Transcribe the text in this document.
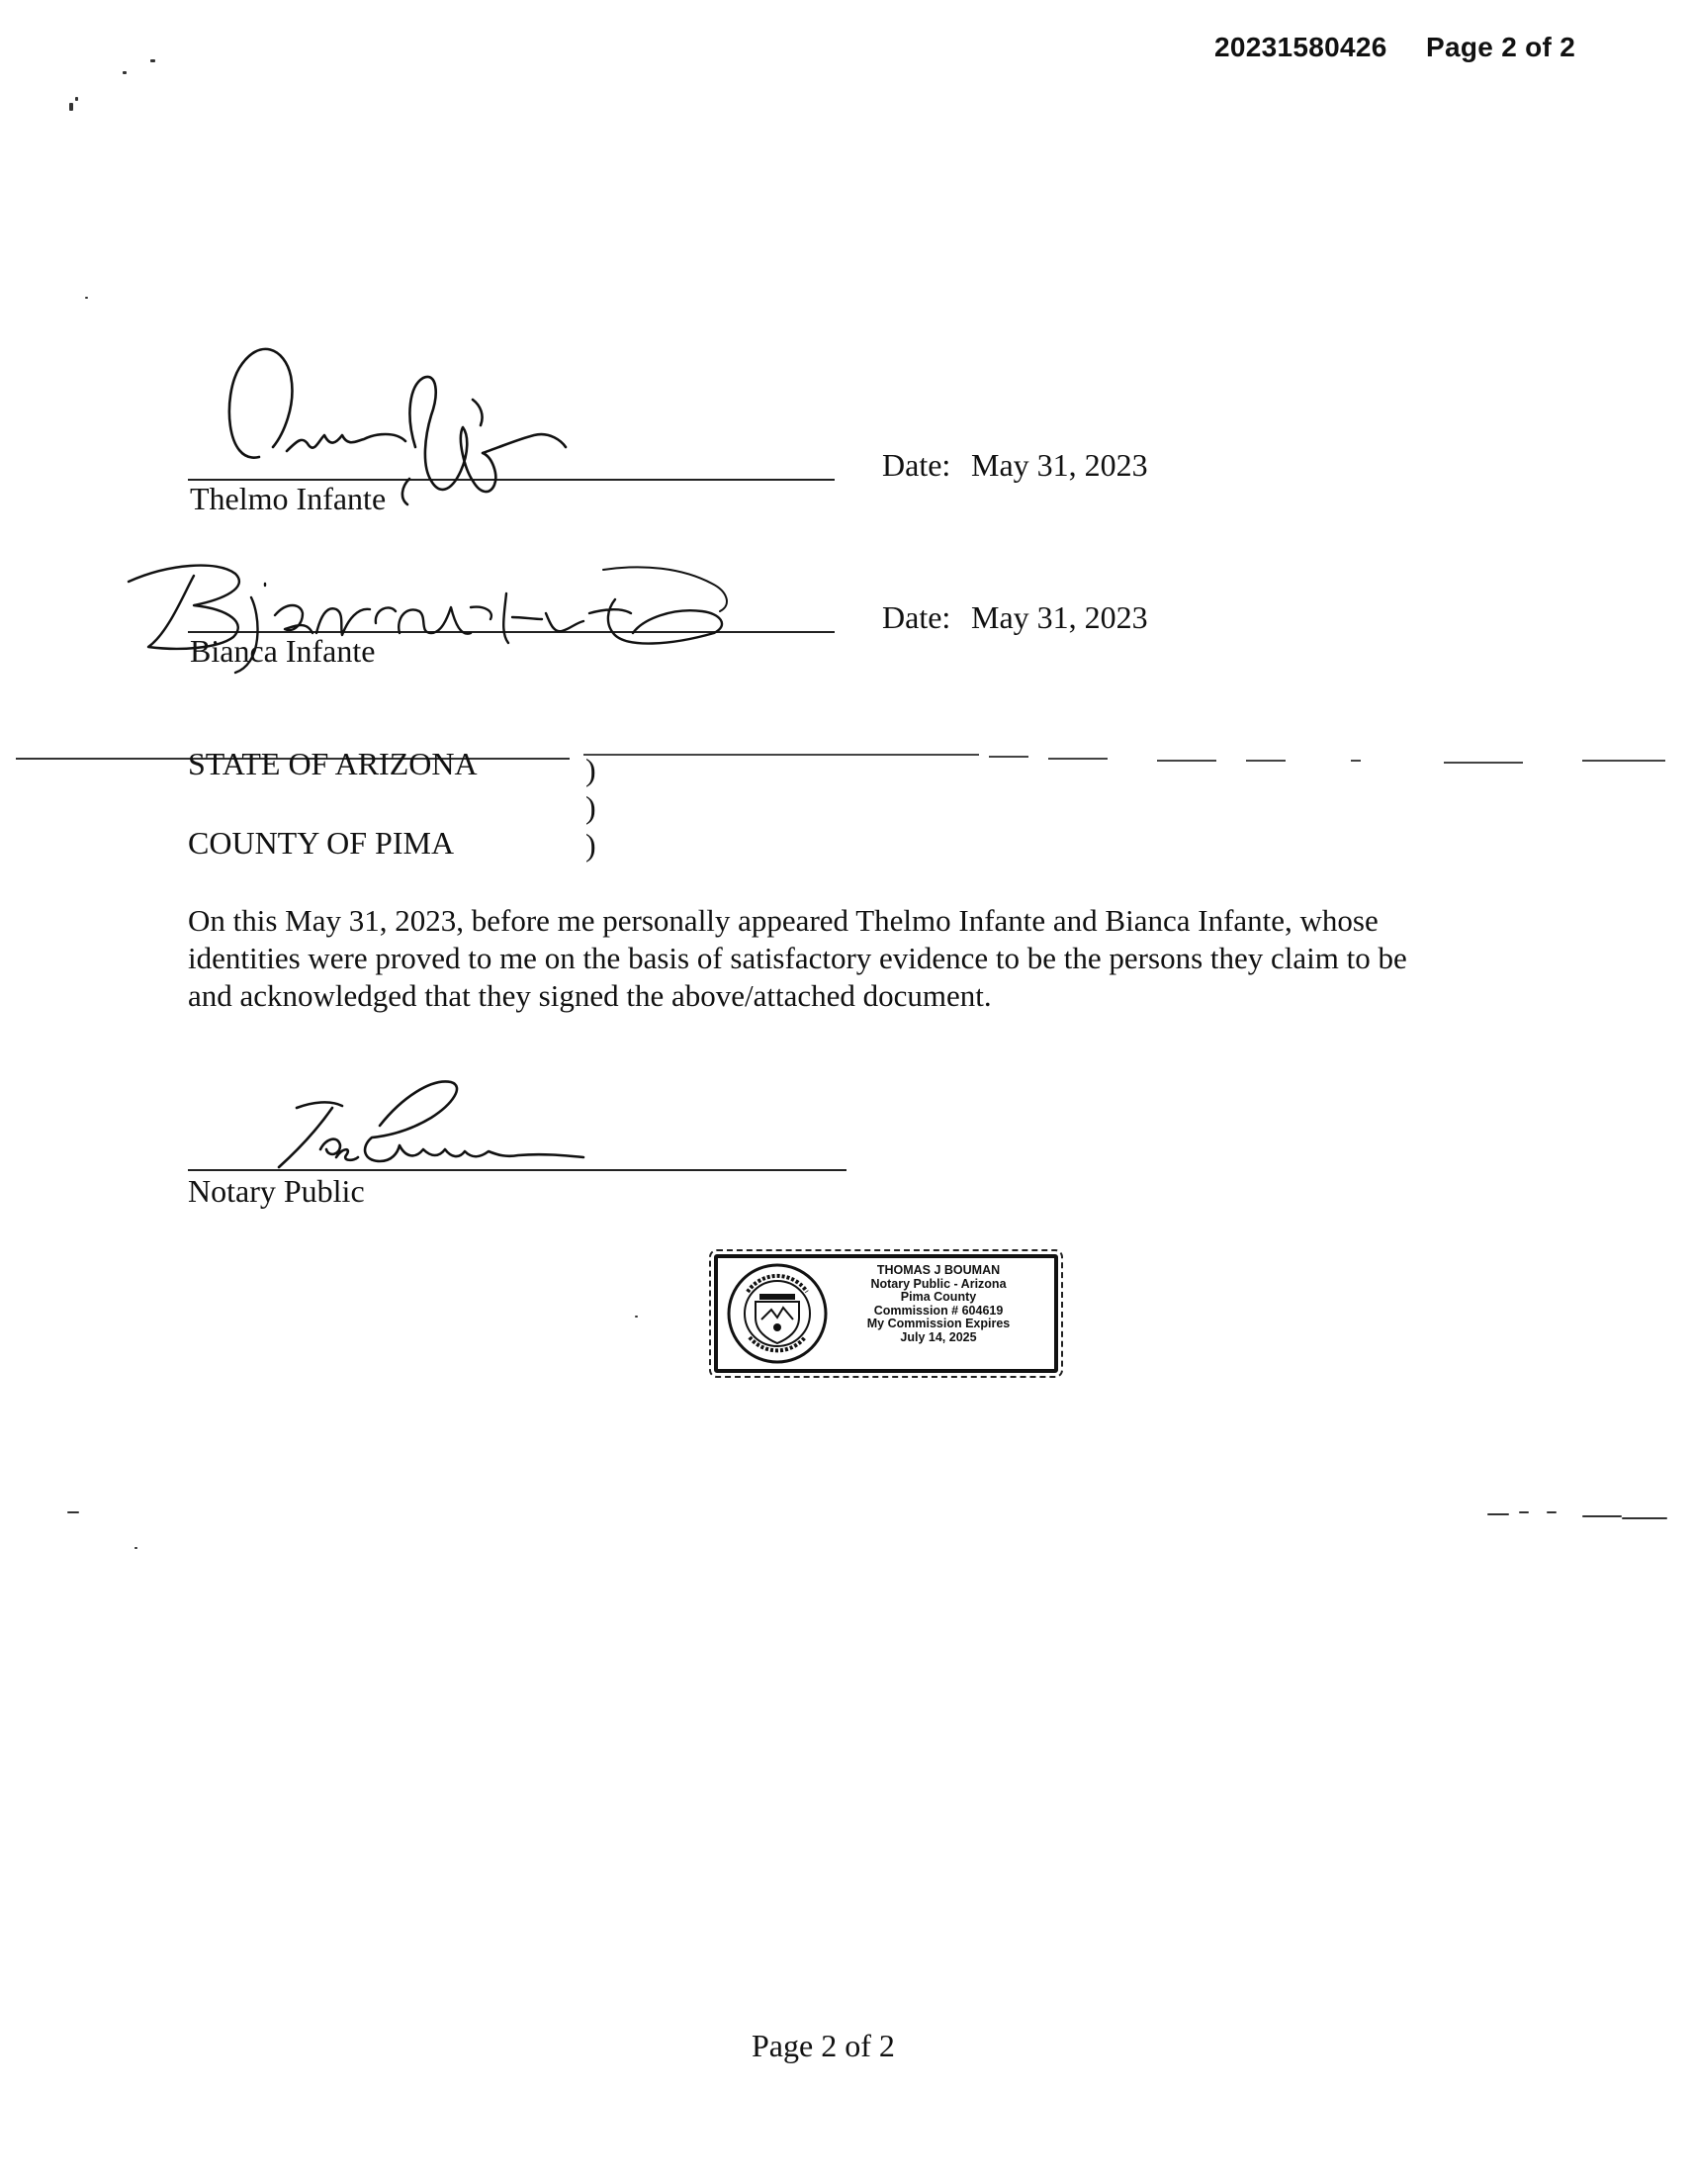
20231580426 Page 2 of 2
Thelmo Infante
Date: May 31, 2023
Bianca Infante
Date: May 31, 2023
STATE OF ARIZONA
COUNTY OF PIMA
)
)
)
On this May 31, 2023, before me personally appeared Thelmo Infante and Bianca Infante, whose
identities were proved to me on the basis of satisfactory evidence to be the persons they claim to be
and acknowledged that they signed the above/attached document.
Notary Public
THOMAS J BOUMAN
Notary Public - Arizona
Pima County
Commission # 604619
My Commission Expires
July 14, 2025
Page 2 of 2
